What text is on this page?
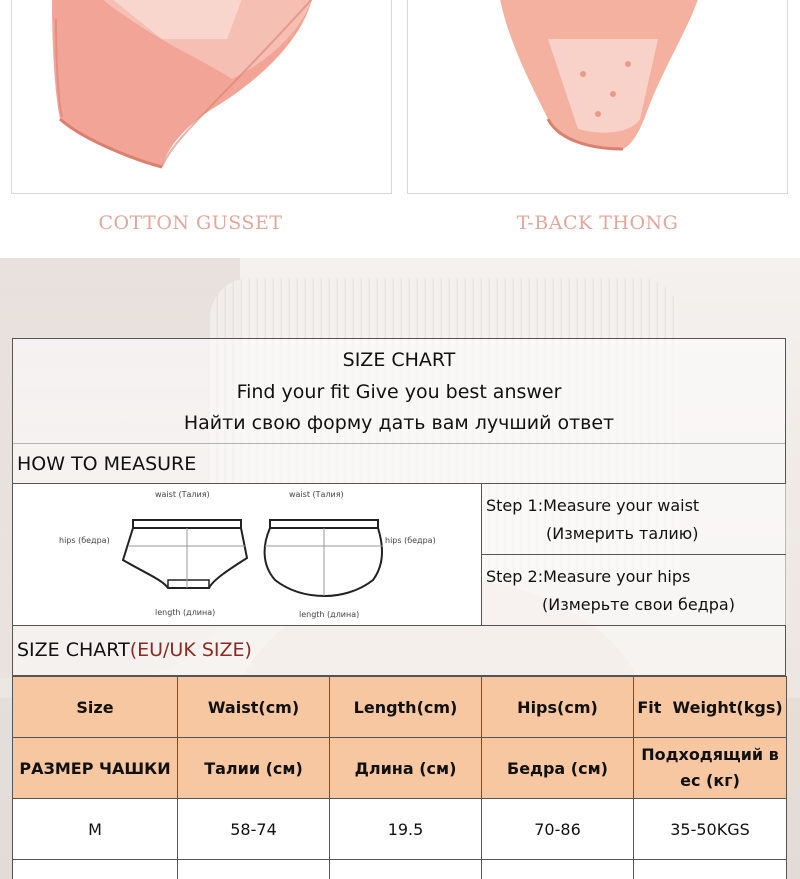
COTTON GUSSET	T-BACK THONG
SIZE CHART
Find your fit Give you best answer
Найти свою форму дать вам лучший ответ
HOW TO MEASURE
waist (Талия)	waist (Талия)
hips (бедра)	hips (бедра)
length (длина)	length (длина)
Step 1:Measure your waist
(Измерить талию)
Step 2:Measure your hips
(Измерьте свои бедра)
SIZE CHART(EU/UK SIZE)
Size	Waist(cm)	Length(cm)	Hips(cm)	Fit  Weight(kgs)
РАЗМЕР ЧАШКИ	Талии (см)	Длина (см)	Бедра (см)	Подходящий в ес (кг)
M	58-74	19.5	70-86	35-50KGS
